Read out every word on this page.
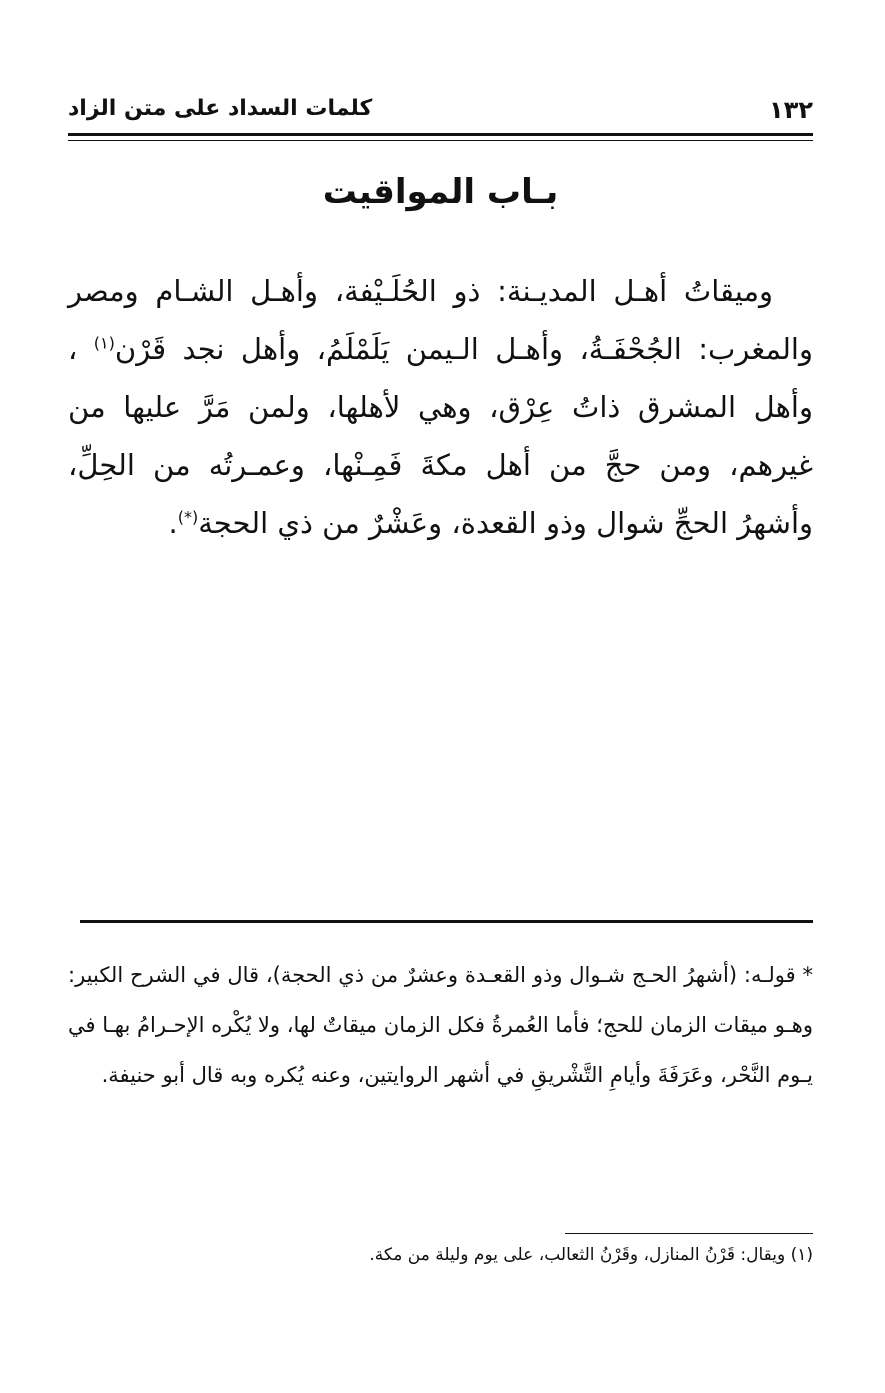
١٣٢
كلمات السداد على متن الزاد
بـاب المواقيت
وميقاتُ أهـل المديـنة: ذو الحُلَـيْفة، وأهـل الشـام ومصر والمغرب: الجُحْفَـةُ، وأهـل الـيمن يَلَمْلَمُ، وأهل نجد قَرْن$^{(١)}$ ، وأهل المشرق ذاتُ عِرْق، وهي لأهلها، ولمن مَرَّ عليها من غيرهم، ومن حجَّ من أهل مكةَ فَمِـنْها، وعمـرتُه من الحِلِّ، وأشهرُ الحجِّ شوال وذو القعدة، وعَشْرٌ من ذي الحجة(*).
* قولـه: (أشهرُ الحـج شـوال وذو القعـدة وعشرٌ من ذي الحجة)، قال في الشرح الكبير: وهـو ميقات الزمان للحج؛ فأما العُمرةُ فكل الزمان ميقاتٌ لها، ولا يُكْره الإحـرامُ بهـا في يـوم النَّحْر، وعَرَفَةَ وأيامِ التَّشْريقِ في أشهر الروايتين، وعنه يُكره وبه قال أبو حنيفة.
(١) ويقال: قَرْنُ المنازل، وقَرْنُ الثعالب، على يوم وليلة من مكة.
